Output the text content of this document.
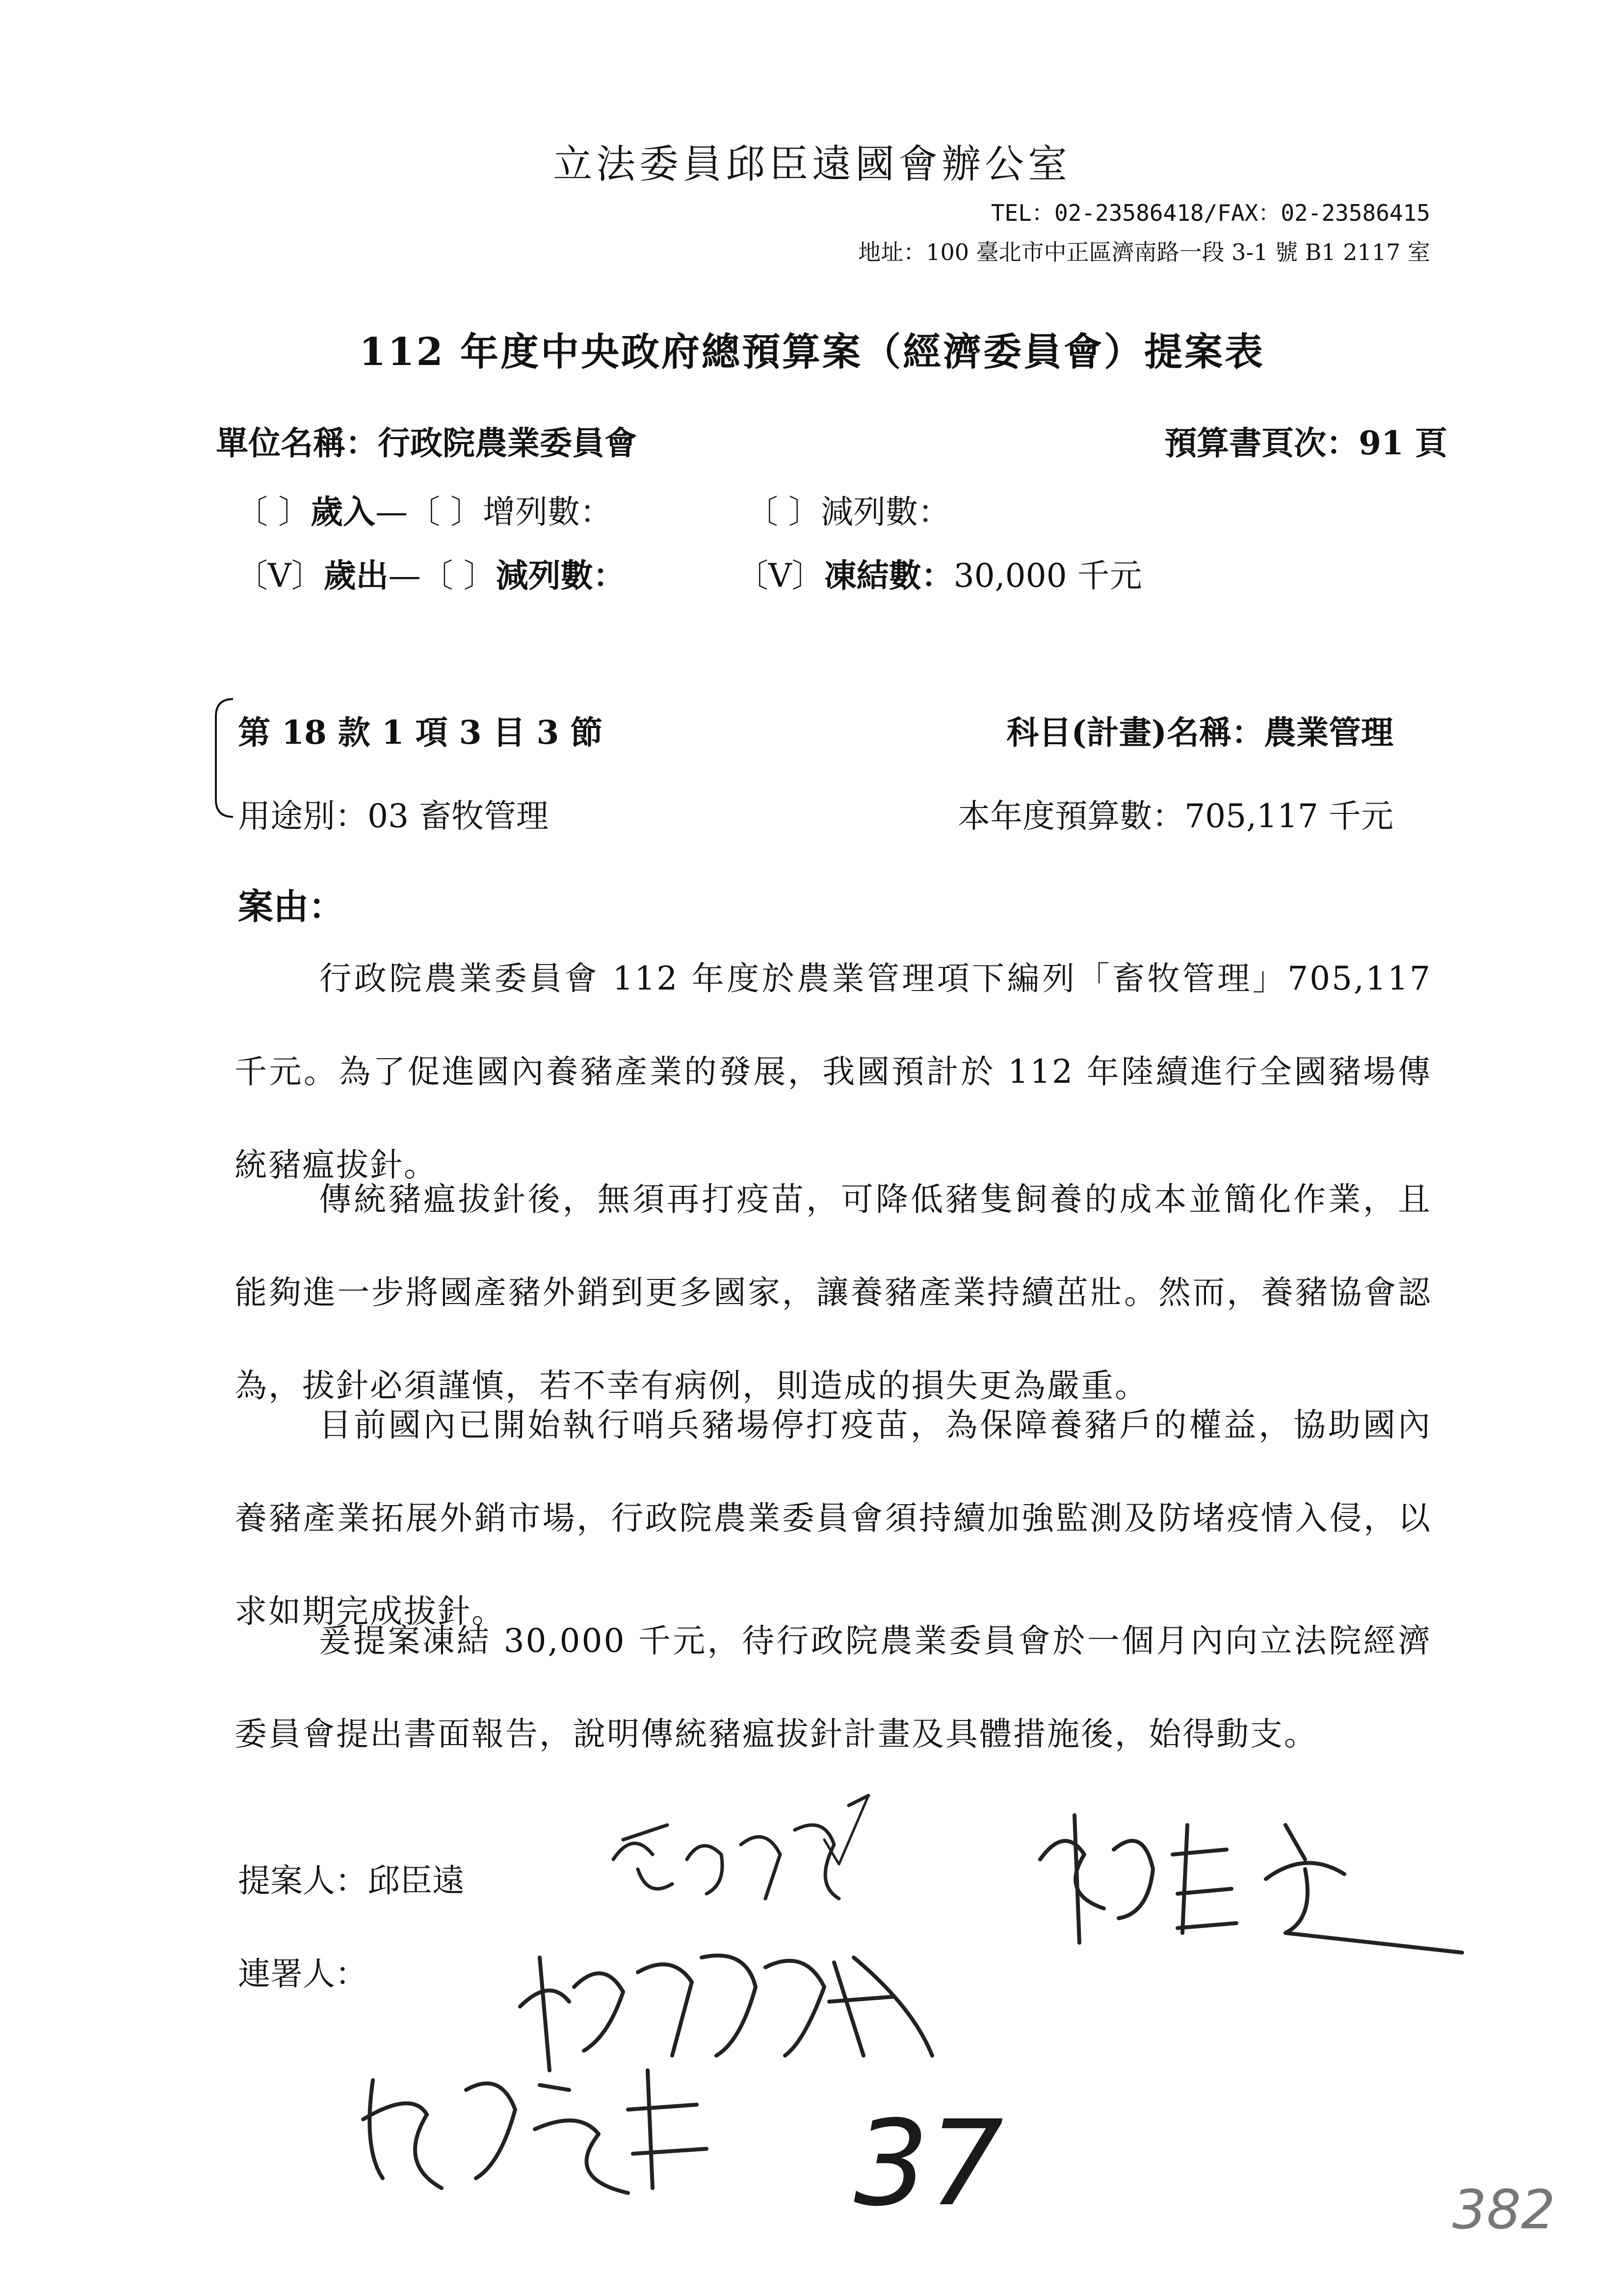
立法委員邱臣遠國會辦公室
TEL：02-23586418/FAX：02-23586415
地址：100 臺北市中正區濟南路一段 3-1 號 B1 2117 室
112 年度中央政府總預算案（經濟委員會）提案表
單位名稱：行政院農業委員會	預算書頁次：91 頁
〔 〕歲入—〔 〕增列數：	〔 〕減列數：
〔V〕歲出—〔 〕減列數：	〔V〕凍結數：30,000 千元
第 18 款 1 項 3 目 3 節	科目(計畫)名稱：農業管理
用途別：03 畜牧管理	本年度預算數：705,117 千元
案由：
行政院農業委員會 112 年度於農業管理項下編列「畜牧管理」705,117 千元。為了促進國內養豬產業的發展，我國預計於 112 年陸續進行全國豬場傳統豬瘟拔針。
傳統豬瘟拔針後，無須再打疫苗，可降低豬隻飼養的成本並簡化作業，且能夠進一步將國產豬外銷到更多國家，讓養豬產業持續茁壯。然而，養豬協會認為，拔針必須謹慎，若不幸有病例，則造成的損失更為嚴重。
目前國內已開始執行哨兵豬場停打疫苗，為保障養豬戶的權益，協助國內養豬產業拓展外銷市場，行政院農業委員會須持續加強監測及防堵疫情入侵，以求如期完成拔針。
爰提案凍結 30,000 千元，待行政院農業委員會於一個月內向立法院經濟委員會提出書面報告，說明傳統豬瘟拔針計畫及具體措施後，始得動支。
提案人：邱臣遠
連署人：
37	382
